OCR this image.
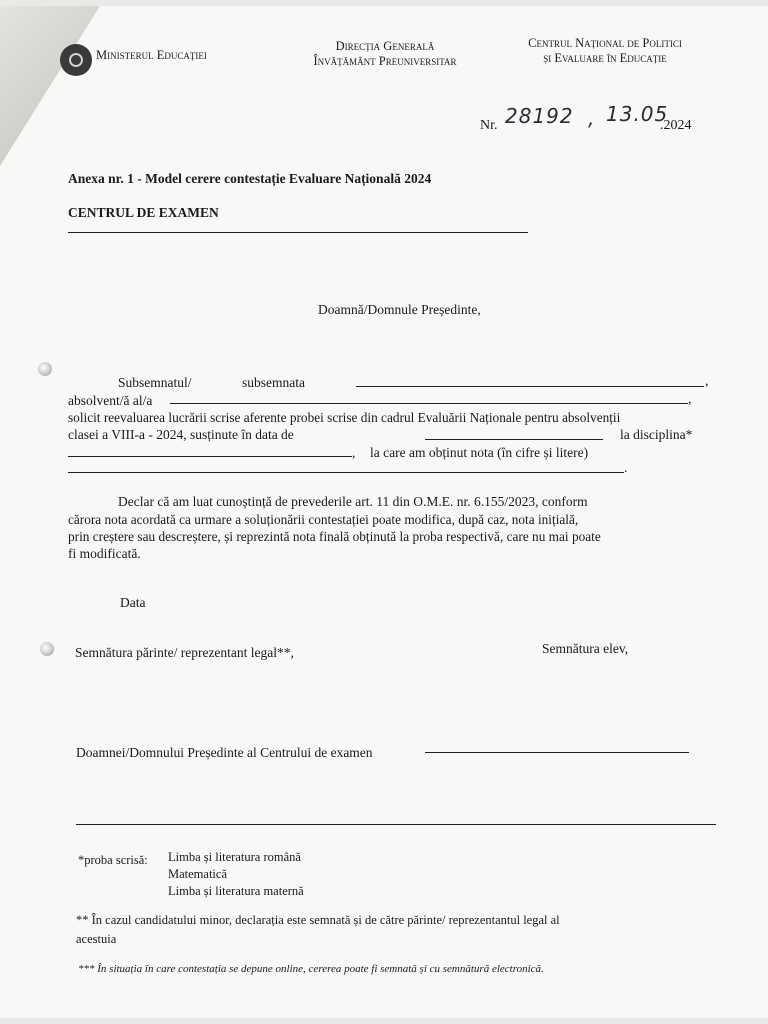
Ministerul Educației
Direcția Generală
Învățământ Preuniversitar
Centrul Național de Politici
și Evaluare în Educație
Nr. 28192 , 13.05
.2024
Anexa nr. 1 - Model cerere contestație Evaluare Națională 2024
CENTRUL DE EXAMEN
Doamnă/Domnule Președinte,
Subsemnatul/	subsemnata	,
absolvent/ă al/a	,
solicit reevaluarea lucrării scrise aferente probei scrise din cadrul Evaluării Naționale pentru absolvenții
clasei a VIII-a - 2024, susținute în data de	la disciplina*
, la care am obținut nota (în cifre și litere)
.
Declar că am luat cunoștință de prevederile art. 11 din O.M.E. nr. 6.155/2023, conform
cărora nota acordată ca urmare a soluționării contestației poate modifica, după caz, nota inițială,
prin creștere sau descreștere, și reprezintă nota finală obținută la proba respectivă, care nu mai poate
fi modificată.
Data
Semnătura părinte/ reprezentant legal**,	Semnătura elev,
Doamnei/Domnului Președinte al Centrului de examen
*proba scrisă: Limba și literatura română
Matematică
Limba și literatura maternă
** În cazul candidatului minor, declarația este semnată și de către părinte/ reprezentantul legal al
acestuia
*** În situația în care contestația se depune online, cererea poate fi semnată și cu semnătură electronică.
